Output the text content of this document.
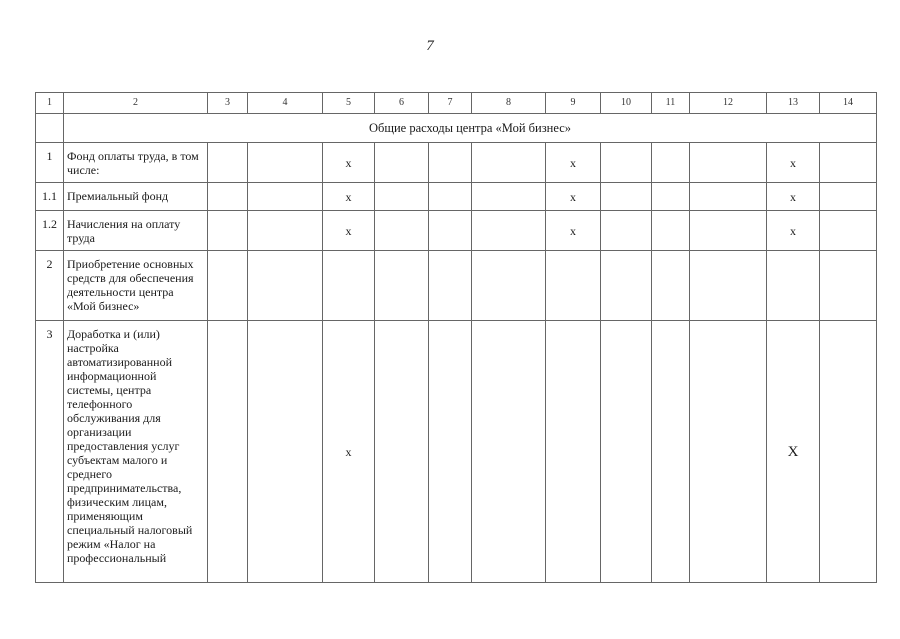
7
1	2	3	4	5	6	7	8	9	10	11	12	13	14
	Общие расходы центра «Мой бизнес»												
1	Фонд оплаты труда, в том числе:			x				x				x	
1.1	Премиальный фонд			x				x				x	
1.2	Начисления на оплату труда			x				x				x	
2	Приобретение основных средств для обеспечения деятельности центра «Мой бизнес»												
3	Доработка и (или) настройка автоматизированной информационной системы, центра телефонного обслуживания для организации предоставления услуг субъектам малого и среднего предпринимательства, физическим лицам, применяющим специальный налоговый режим «Налог на профессиональный			x								X	
